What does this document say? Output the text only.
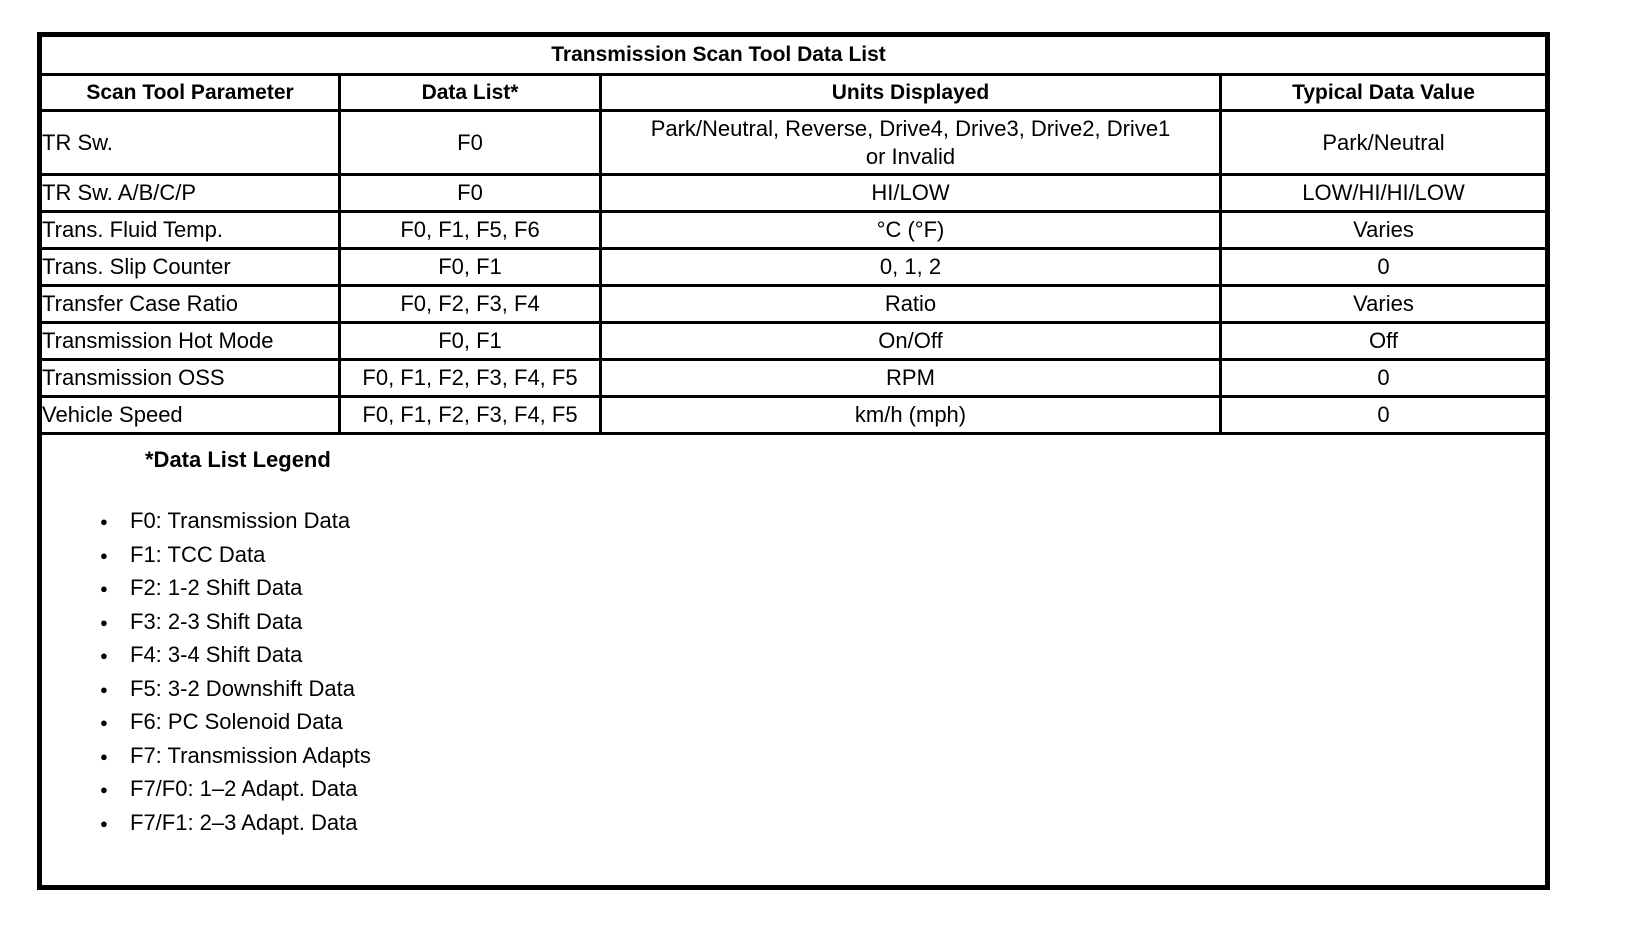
Transmission Scan Tool Data List			
Scan Tool Parameter	Data List*	Units Displayed	Typical Data Value
TR Sw.	F0	Park/Neutral, Reverse, Drive4, Drive3, Drive2, Drive1 or Invalid	Park/Neutral
TR Sw. A/B/C/P	F0	HI/LOW	LOW/HI/HI/LOW
Trans. Fluid Temp.	F0, F1, F5, F6	°C (°F)	Varies
Trans. Slip Counter	F0, F1	0, 1, 2	0
Transfer Case Ratio	F0, F2, F3, F4	Ratio	Varies
Transmission Hot Mode	F0, F1	On/Off	Off
Transmission OSS	F0, F1, F2, F3, F4, F5	RPM	0
Vehicle Speed	F0, F1, F2, F3, F4, F5	km/h (mph)	0

*Data List Legend
● F0: Transmission Data
● F1: TCC Data
● F2: 1-2 Shift Data
● F3: 2-3 Shift Data
● F4: 3-4 Shift Data
● F5: 3-2 Downshift Data
● F6: PC Solenoid Data
● F7: Transmission Adapts
● F7/F0: 1–2 Adapt. Data
● F7/F1: 2–3 Adapt. Data
